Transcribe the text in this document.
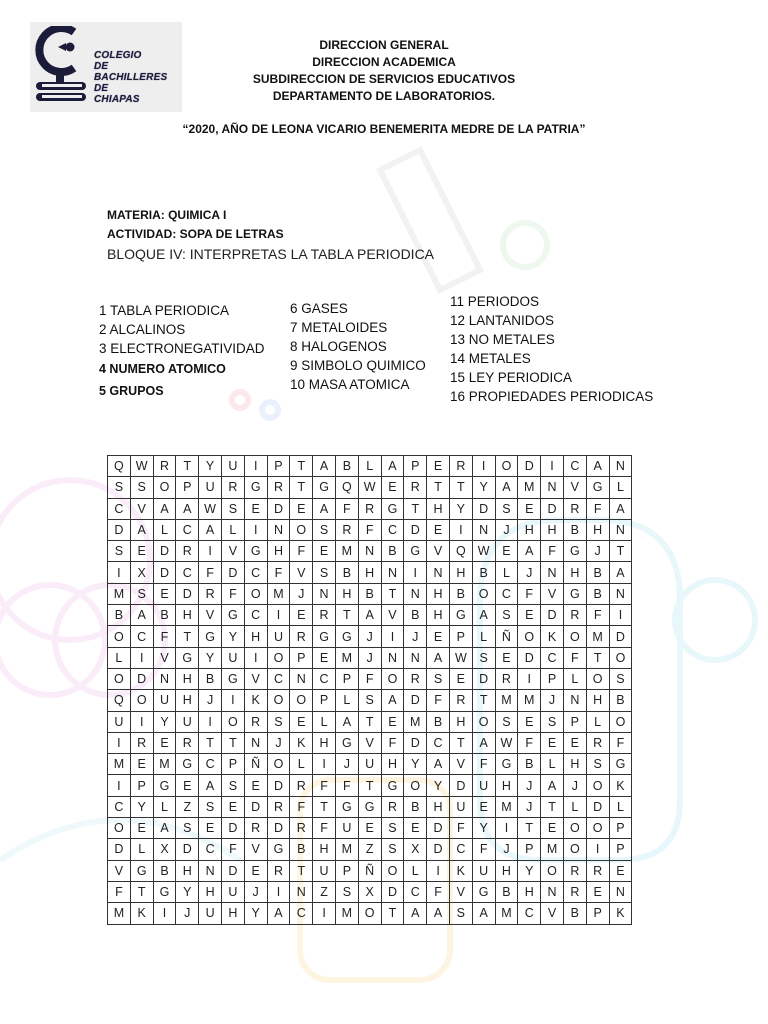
COLEGIO
DE
BACHILLERES
DE
CHIAPAS
DIRECCION GENERAL
DIRECCION ACADEMICA
SUBDIRECCION DE SERVICIOS EDUCATIVOS
DEPARTAMENTO DE LABORATORIOS.
“2020, AÑO DE LEONA VICARIO BENEMERITA MEDRE DE LA PATRIA”
MATERIA: QUIMICA I
ACTIVIDAD: SOPA DE LETRAS
BLOQUE IV: INTERPRETAS LA TABLA PERIODICA
1 TABLA PERIODICA
2 ALCALINOS
3 ELECTRONEGATIVIDAD
4 NUMERO ATOMICO
5 GRUPOS
6 GASES
7 METALOIDES
8 HALOGENOS
9 SIMBOLO QUIMICO
10 MASA ATOMICA
11 PERIODOS
12 LANTANIDOS
13 NO METALES
14 METALES
15 LEY PERIODICA
16 PROPIEDADES PERIODICAS
Q	W	R	T	Y	U	I	P	T	A	B	L	A	P	E	R	I	O	D	I	C	A	N
S	S	O	P	U	R	G	R	T	G	Q	W	E	R	T	T	Y	A	M	N	V	G	L
C	V	A	A	W	S	E	D	E	A	F	R	G	T	H	Y	D	S	E	D	R	F	A
D	A	L	C	A	L	I	N	O	S	R	F	C	D	E	I	N	J	H	H	B	H	N
S	E	D	R	I	V	G	H	F	E	M	N	B	G	V	Q	W	E	A	F	G	J	T
I	X	D	C	F	D	C	F	V	S	B	H	N	I	N	H	B	L	J	N	H	B	A
M	S	E	D	R	F	O	M	J	N	H	B	T	N	H	B	O	C	F	V	G	B	N
B	A	B	H	V	G	C	I	E	R	T	A	V	B	H	G	A	S	E	D	R	F	I
O	C	F	T	G	Y	H	U	R	G	G	J	I	J	E	P	L	Ñ	O	K	O	M	D
L	I	V	G	Y	U	I	O	P	E	M	J	N	N	A	W	S	E	D	C	F	T	O
O	D	N	H	B	G	V	C	N	C	P	F	O	R	S	E	D	R	I	P	L	O	S
Q	O	U	H	J	I	K	O	O	P	L	S	A	D	F	R	T	M	M	J	N	H	B
U	I	Y	U	I	O	R	S	E	L	A	T	E	M	B	H	O	S	E	S	P	L	O
I	R	E	R	T	T	N	J	K	H	G	V	F	D	C	T	A	W	F	E	E	R	F
M	E	M	G	C	P	Ñ	O	L	I	J	U	H	Y	A	V	F	G	B	L	H	S	G
I	P	G	E	A	S	E	D	R	F	F	T	G	O	Y	D	U	H	J	A	J	O	K
C	Y	L	Z	S	E	D	R	F	T	G	G	R	B	H	U	E	M	J	T	L	D	L
O	E	A	S	E	D	R	D	R	F	U	E	S	E	D	F	Y	I	T	E	O	O	P
D	L	X	D	C	F	V	G	B	H	M	Z	S	X	D	C	F	J	P	M	O	I	P
V	G	B	H	N	D	E	R	T	U	P	Ñ	O	L	I	K	U	H	Y	O	R	R	E
F	T	G	Y	H	U	J	I	N	Z	S	X	D	C	F	V	G	B	H	N	R	E	N
M	K	I	J	U	H	Y	A	C	I	M	O	T	A	A	S	A	M	C	V	B	P	K
